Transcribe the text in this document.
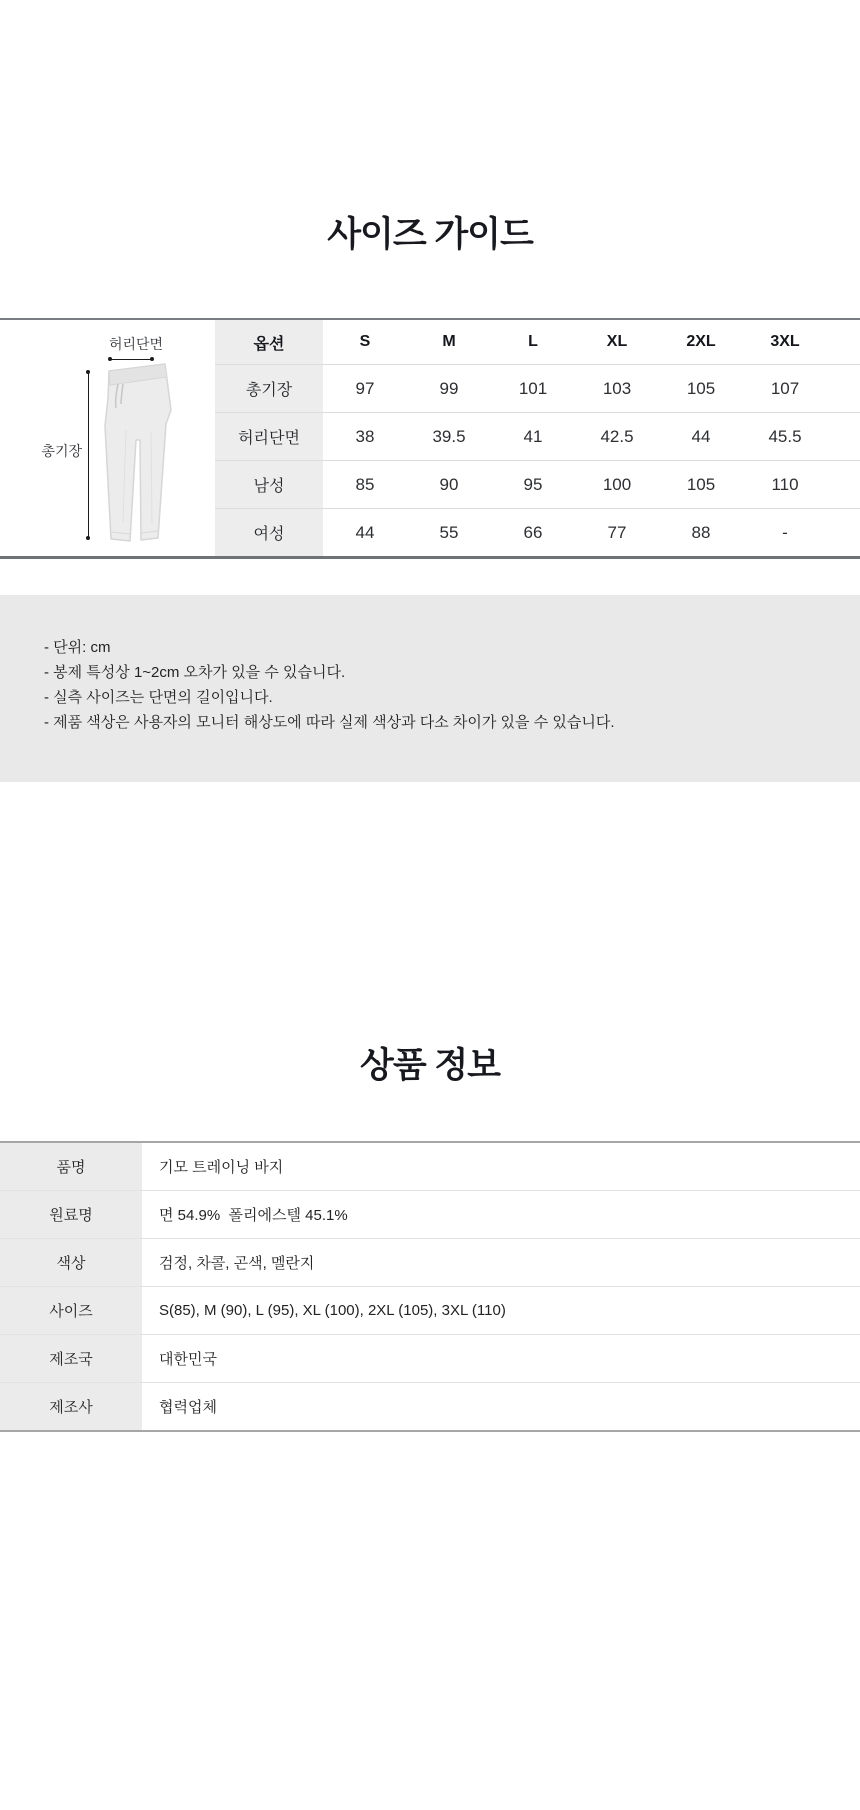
사이즈 가이드
허리단면
총기장
옵션	S	M	L	XL	2XL	3XL	
총기장	97	99	101	103	105	107	
허리단면	38	39.5	41	42.5	44	45.5	
남성	85	90	95	100	105	110	
여성	44	55	66	77	88	-	

- 단위: cm

- 봉제 특성상 1~2cm 오차가 있을 수 있습니다.

- 실측 사이즈는 단면의 길이입니다.

- 제품 색상은 사용자의 모니터 해상도에 따라 실제 색상과 다소 차이가 있을 수 있습니다.

상품 정보
품명	기모 트레이닝 바지
원료명	면 54.9%  폴리에스텔 45.1%
색상	검정, 차콜, 곤색, 멜란지
사이즈	S(85), M (90), L (95), XL (100), 2XL (105), 3XL (110)
제조국	대한민국
제조사	협력업체
